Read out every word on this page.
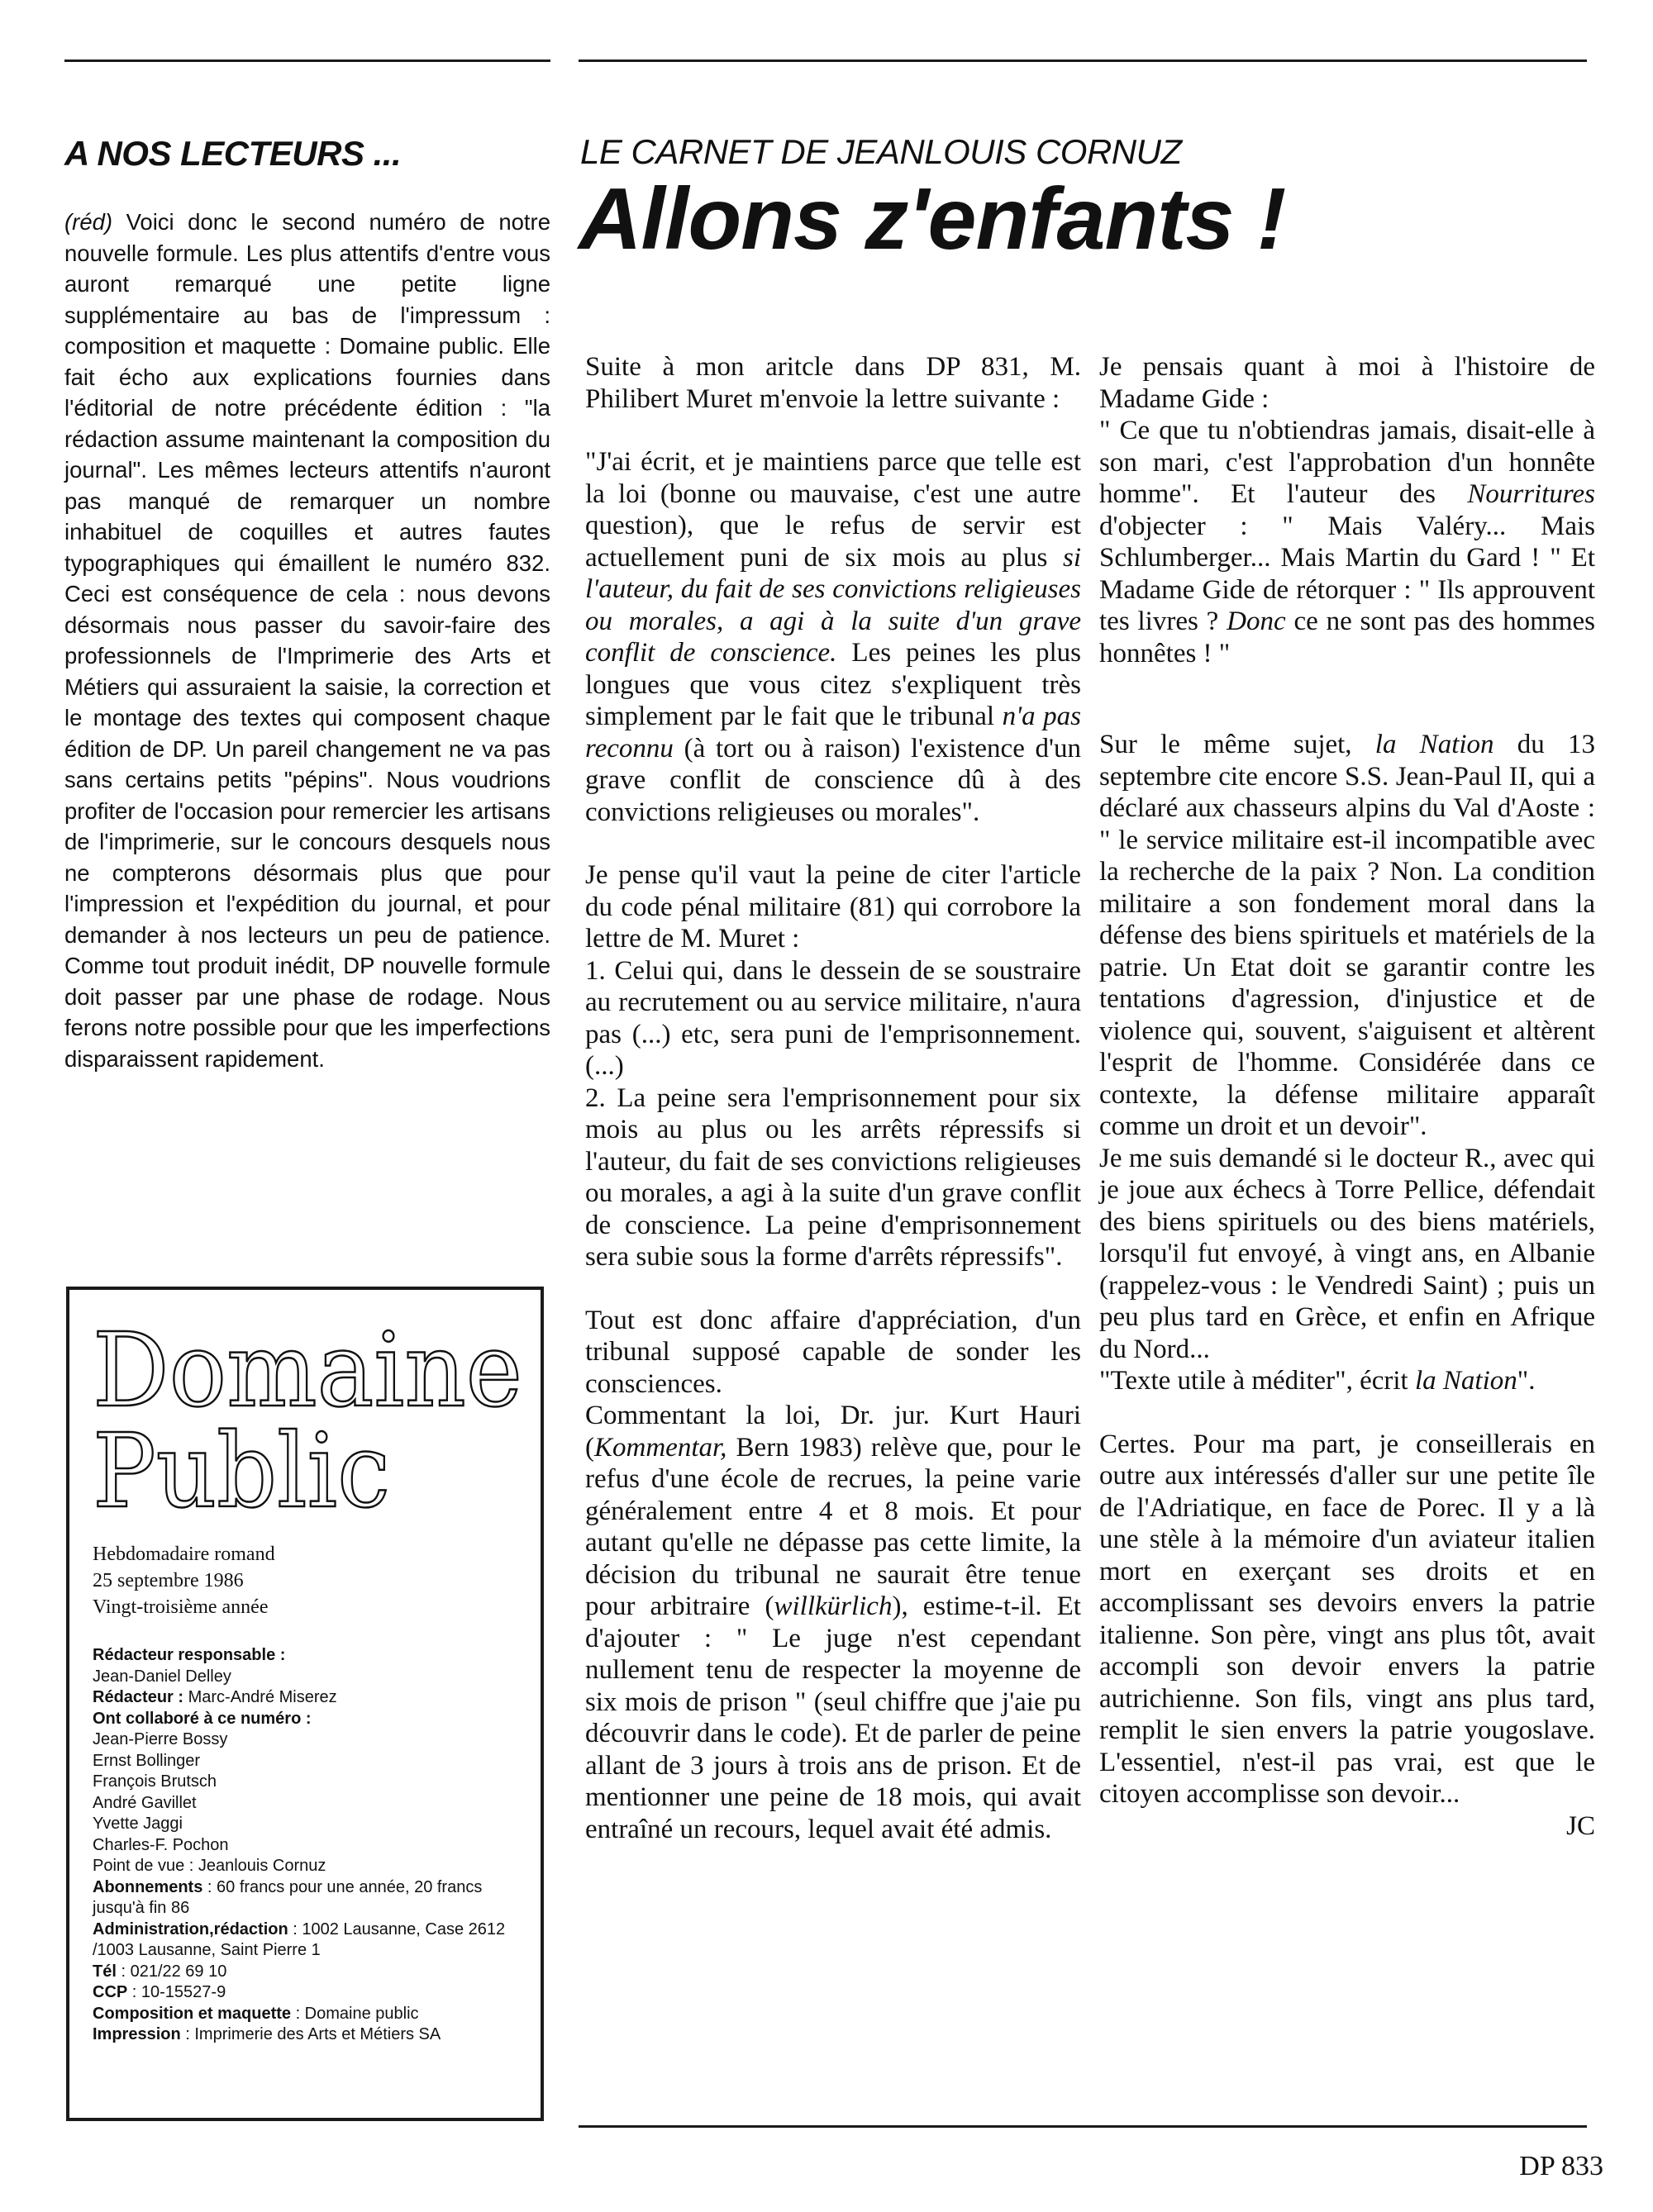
A NOS LECTEURS ...

(réd) Voici donc le second numéro de notre nouvelle formule. Les plus attentifs d'entre vous auront remarqué une petite ligne supplémentaire au bas de l'impressum : composition et maquette : Domaine public. Elle fait écho aux explications fournies dans l'éditorial de notre précédente édition : "la rédaction assume maintenant la composition du journal". Les mêmes lecteurs attentifs n'auront pas manqué de remarquer un nombre inhabituel de coquilles et autres fautes typographiques qui émaillent le numéro 832. Ceci est conséquence de cela : nous devons désormais nous passer du savoir-faire des professionnels de l'Imprimerie des Arts et Métiers qui assuraient la saisie, la correction et le montage des textes qui composent chaque édition de DP. Un pareil changement ne va pas sans certains petits "pépins". Nous voudrions profiter de l'occasion pour remercier les artisans de l'imprimerie, sur le concours desquels nous ne compterons désormais plus que pour l'impression et l'expédition du journal, et pour demander à nos lecteurs un peu de patience. Comme tout produit inédit, DP nouvelle formule doit passer par une phase de rodage. Nous ferons notre possible pour que les imperfections disparaissent rapidement.

Domaine
Public
Hebdomadaire romand
25 septembre 1986
Vingt-troisième année
Rédacteur responsable :
Jean-Daniel Delley
Rédacteur : Marc-André Miserez
Ont collaboré à ce numéro :
Jean-Pierre Bossy
Ernst Bollinger
François Brutsch
André Gavillet
Yvette Jaggi
Charles-F. Pochon
Point de vue : Jeanlouis Cornuz
Abonnements : 60 francs pour une année, 20 francs jusqu'à fin 86
Administration,rédaction : 1002 Lausanne, Case 2612 /1003 Lausanne, Saint Pierre 1
Tél : 021/22 69 10
CCP : 10-15527-9
Composition et maquette : Domaine public
Impression : Imprimerie des Arts et Métiers SA
LE CARNET DE JEANLOUIS CORNUZ
Allons z'enfants !

Suite à mon aritcle dans DP 831, M. Philibert Muret m'envoie la lettre suivante :

"J'ai écrit, et je maintiens parce que telle est la loi (bonne ou mauvaise, c'est une autre question), que le refus de servir est actuellement puni de six mois au plus si l'auteur, du fait de ses convictions religieuses ou morales, a agi à la suite d'un grave conflit de conscience. Les peines les plus longues que vous citez s'expliquent très simplement par le fait que le tribunal n'a pas reconnu (à tort ou à raison) l'existence d'un grave conflit de conscience dû à des convictions religieuses ou morales".

Je pense qu'il vaut la peine de citer l'article du code pénal militaire (81) qui corrobore la lettre de M. Muret :

1. Celui qui, dans le dessein de se soustraire au recrutement ou au service militaire, n'aura pas (...) etc, sera puni de l'emprisonnement. (...)

2. La peine sera l'emprisonnement pour six mois au plus ou les arrêts répressifs si l'auteur, du fait de ses convictions religieuses ou morales, a agi à la suite d'un grave conflit de conscience. La peine d'emprisonnement sera subie sous la forme d'arrêts répressifs".

Tout est donc affaire d'appréciation, d'un tribunal supposé capable de sonder les consciences.

Commentant la loi, Dr. jur. Kurt Hauri (Kommentar, Bern 1983) relève que, pour le refus d'une école de recrues, la peine varie généralement entre 4 et 8 mois. Et pour autant qu'elle ne dépasse pas cette limite, la décision du tribunal ne saurait être tenue pour arbitraire (willkürlich), estime-t-il. Et d'ajouter : " Le juge n'est cependant nullement tenu de respecter la moyenne de six mois de prison " (seul chiffre que j'aie pu découvrir dans le code). Et de parler de peine allant de 3 jours à trois ans de prison. Et de mentionner une peine de 18 mois, qui avait entraîné un recours, lequel avait été admis.

Je pensais quant à moi à l'histoire de Madame Gide :

" Ce que tu n'obtiendras jamais, disait-elle à son mari, c'est l'approbation d'un honnête homme". Et l'auteur des Nourritures d'objecter : " Mais Valéry... Mais Schlumberger... Mais Martin du Gard ! " Et Madame Gide de rétorquer : " Ils approuvent tes livres ? Donc ce ne sont pas des hommes honnêtes ! "

Sur le même sujet, la Nation du 13 septembre cite encore S.S. Jean-Paul II, qui a déclaré aux chasseurs alpins du Val d'Aoste : " le service militaire est-il incompatible avec la recherche de la paix ? Non. La condition militaire a son fondement moral dans la défense des biens spirituels et matériels de la patrie. Un Etat doit se garantir contre les tentations d'agression, d'injustice et de violence qui, souvent, s'aiguisent et altèrent l'esprit de l'homme. Considérée dans ce contexte, la défense militaire apparaît comme un droit et un devoir".

Je me suis demandé si le docteur R., avec qui je joue aux échecs à Torre Pellice, défendait des biens spirituels ou des biens matériels, lorsqu'il fut envoyé, à vingt ans, en Albanie (rappelez-vous : le Vendredi Saint) ; puis un peu plus tard en Grèce, et enfin en Afrique du Nord...

"Texte utile à méditer", écrit la Nation".

Certes. Pour ma part, je conseillerais en outre aux intéressés d'aller sur une petite île de l'Adriatique, en face de Porec. Il y a là une stèle à la mémoire d'un aviateur italien mort en exerçant ses droits et en accomplissant ses devoirs envers la patrie italienne. Son père, vingt ans plus tôt, avait accompli son devoir envers la patrie autrichienne. Son fils, vingt ans plus tard, remplit le sien envers la patrie yougoslave. L'essentiel, n'est-il pas vrai, est que le citoyen accomplisse son devoir...

JC

DP 833
